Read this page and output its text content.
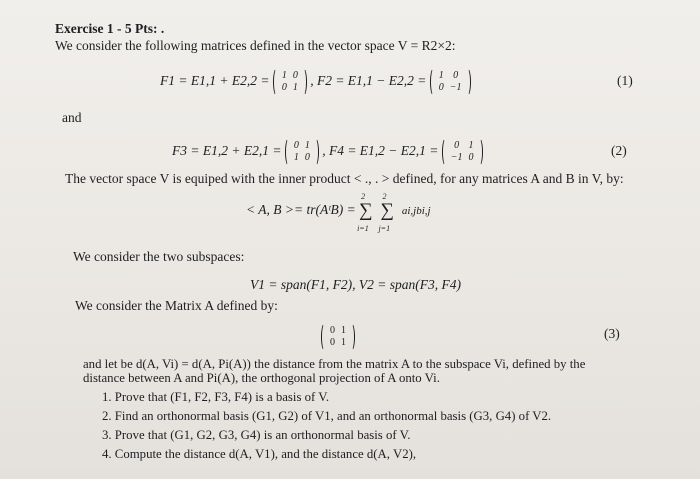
Exercise 1 - 5 Pts: .
We consider the following matrices defined in the vector space V = R2×2:
F1 = E1,1 + E2,2 = 1	0
0	1 , F2 = E1,1 − E2,2 = 1	0
0	−1	(1)
and
F3 = E1,2 + E2,1 = 0	1
1	0 , F4 = E1,2 − E2,1 = 0	1
−1	0	(2)
The vector space V is equiped with the inner product < ., . > defined, for any matrices A and B in V, by:
< A, B >= tr(AᵗB) =
2
∑
i=1

2
∑
j=1
ai,jbi,j
We consider the two subspaces:
V1 = span(F1, F2), V2 = span(F3, F4)
We consider the Matrix A defined by:
0	1
0	1
(3)
and let be d(A, Vi) = d(A, Pi(A)) the distance from the matrix A to the subspace Vi, defined by the
distance between A and Pi(A), the orthogonal projection of A onto Vi.
1. Prove that (F1, F2, F3, F4) is a basis of V.
2. Find an orthonormal basis (G1, G2) of V1, and an orthonormal basis (G3, G4) of V2.
3. Prove that (G1, G2, G3, G4) is an orthonormal basis of V.
4. Compute the distance d(A, V1), and the distance d(A, V2),
